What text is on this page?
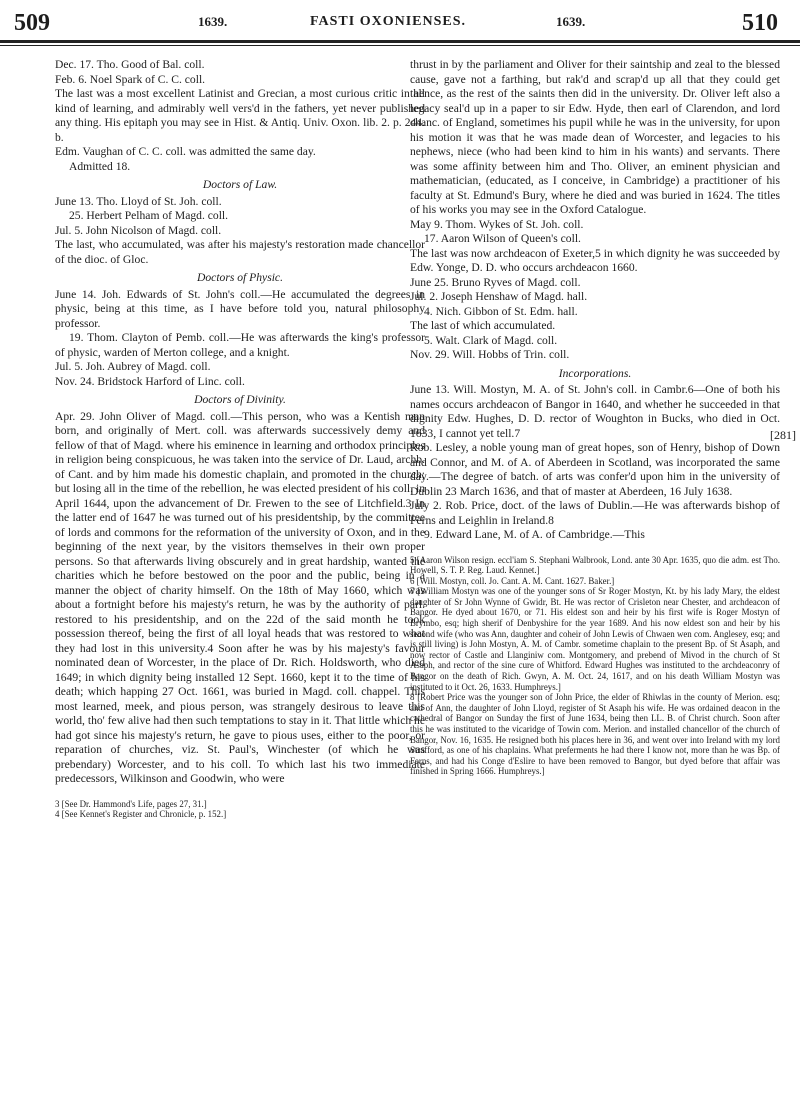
509	1639.	FASTI OXONIENSES.	1639.	510

Dec. 17. Tho. Good of Bal. coll.

Feb. 6. Noel Spark of C. C. coll.

The last was a most excellent Latinist and Grecian, a most curious critic in all kind of learning, and admirably well vers'd in the fathers, yet never published any thing. His epitaph you may see in Hist. & Antiq. Univ. Oxon. lib. 2. p. 244. b.

Edm. Vaughan of C. C. coll. was admitted the same day.

Admitted 18.

Doctors of Law.

June 13. Tho. Lloyd of St. Joh. coll.

25. Herbert Pelham of Magd. coll.

Jul. 5. John Nicolson of Magd. coll.

The last, who accumulated, was after his majesty's restoration made chancellor of the dioc. of Gloc.

Doctors of Physic.

June 14. Joh. Edwards of St. John's coll.—He accumulated the degrees in physic, being at this time, as I have before told you, natural philosophy professor.

19. Thom. Clayton of Pemb. coll.—He was afterwards the king's professor of physic, warden of Merton college, and a knight.

Jul. 5. Joh. Aubrey of Magd. coll.

Nov. 24. Bridstock Harford of Linc. coll.

Doctors of Divinity.

Apr. 29. John Oliver of Magd. coll.—This person, who was a Kentish man born, and originally of Mert. coll. was afterwards successively demy and fellow of that of Magd. where his eminence in learning and orthodox principles in religion being conspicuous, he was taken into the service of Dr. Laud, archb. of Cant. and by him made his domestic chaplain, and promoted in the church; but losing all in the time of the rebellion, he was elected president of his coll. in April 1644, upon the advancement of Dr. Frewen to the see of Litchfield.3 In the latter end of 1647 he was turned out of his presidentship, by the committee of lords and commons for the reformation of the university of Oxon, and in the beginning of the next year, by the visitors themselves in their own proper persons. So that afterwards living obscurely and in great hardship, wanted the charities which he before bestowed on the poor and the public, being in a manner the object of charity himself. On the 18th of May 1660, which was about a fortnight before his majesty's return, he was by the authority of parl. restored to his presidentship, and on the 22d of the said month he took possession thereof, being the first of all loyal heads that was restored to what they had lost in this university.4 Soon after he was by his majesty's favour nominated dean of Worcester, in the place of Dr. Rich. Holdsworth, who died 1649; in which dignity being installed 12 Sept. 1660, kept it to the time of his death; which happing 27 Oct. 1661, was buried in Magd. coll. chappel. This most learned, meek, and pious person, was strangely desirous to leave this world, tho' few alive had then such temptations to stay in it. That little which he had got since his majesty's return, he gave to pious uses, either to the poor, or reparation of churches, viz. St. Paul's, Winchester (of which he was prebendary) Worcester, and to his coll. To which last his two immediate predecessors, Wilkinson and Goodwin, who were

3 [See Dr. Hammond's Life, pages 27, 31.]

4 [See Kennet's Register and Chronicle, p. 152.]

thrust in by the parliament and Oliver for their saintship and zeal to the blessed cause, gave not a farthing, but rak'd and scrap'd up all that they could get thence, as the rest of the saints then did in the university. Dr. Oliver left also a legacy seal'd up in a paper to sir Edw. Hyde, then earl of Clarendon, and lord chanc. of England, sometimes his pupil while he was in the university, for upon his motion it was that he was made dean of Worcester, and legacies to his nephews, niece (who had been kind to him in his wants) and servants. There was some affinity between him and Tho. Oliver, an eminent physician and mathematician, (educated, as I conceive, in Cambridge) a practitioner of his faculty at St. Edmund's Bury, where he died and was buried in 1624. The titles of his works you may see in the Oxford Catalogue.

May 9. Thom. Wykes of St. Joh. coll.

17. Aaron Wilson of Queen's coll.

The last was now archdeacon of Exeter,5 in which dignity he was succeeded by Edw. Yonge, D. D. who occurs archdeacon 1660.

June 25. Bruno Ryves of Magd. coll.

Jul. 2. Joseph Henshaw of Magd. hall.

4. Nich. Gibbon of St. Edm. hall.

The last of which accumulated.

5. Walt. Clark of Magd. coll.

Nov. 29. Will. Hobbs of Trin. coll.

Incorporations.

June 13. Will. Mostyn, M. A. of St. John's coll. in Cambr.6—One of both his names occurs archdeacon of Bangor in 1640, and whether he succeeded in that dignity Edw. Hughes, D. D. rector of Woughton in Bucks, who died in Oct. 1633, I cannot yet tell.7

Rob. Lesley, a noble young man of great hopes, son of Henry, bishop of Down and Connor, and M. of A. of Aberdeen in Scotland, was incorporated the same day.—The degree of batch. of arts was confer'd upon him in the university of Dublin 23 March 1636, and that of master at Aberdeen, 16 July 1638.

July 2. Rob. Price, doct. of the laws of Dublin.—He was afterwards bishop of Ferns and Leighlin in Ireland.8

9. Edward Lane, M. of A. of Cambridge.—This

5 [Aaron Wilson resign. eccl'iam S. Stephani Walbrook, Lond. ante 30 Apr. 1635, quo die adm. est Tho. Howell, S. T. P. Reg. Laud. Kennet.]

6 [Will. Mostyn, coll. Jo. Cant. A. M. Cant. 1627. Baker.]

7 [William Mostyn was one of the younger sons of Sr Roger Mostyn, Kt. by his lady Mary, the eldest daughter of Sr John Wynne of Gwidr, Bt. He was rector of Crisleton near Chester, and archdeacon of Bangor. He dyed about 1670, or 71. His eldest son and heir by his first wife is Roger Mostyn of Brymbo, esq; high sherif of Denbyshire for the year 1689. And his now eldest son and heir by his second wife (who was Ann, daughter and coheir of John Lewis of Chwaen wen com. Anglesey, esq; and is still living) is John Mostyn, A. M. of Cambr. sometime chaplain to the present Bp. of St Asaph, and now rector of Castle and Llanginiw com. Montgomery, and prebend of Mivod in the church of St Asaph, and rector of the sine cure of Whitford. Edward Hughes was instituted to the archdeaconry of Bangor on the death of Rich. Gwyn, A. M. Oct. 24, 1617, and on his death William Mostyn was instituted to it Oct. 26, 1633. Humphreys.]

8 [Robert Price was the younger son of John Price, the elder of Rhiwlas in the county of Merion. esq; and of Ann, the daughter of John Lloyd, register of St Asaph his wife. He was ordained deacon in the cathedral of Bangor on Sunday the first of June 1634, being then LL. B. of Christ church. Soon after this he was instituted to the vicaridge of Towin com. Merion. and installed chancellor of the church of Bangor, Nov. 16, 1635. He resigned both his places here in 36, and went over into Ireland with my lord Strafford, as one of his chaplains. What preferments he had there I know not, more than he was Bp. of Ferns, and had his Conge d'Eslire to have been removed to Bangor, but dyed before that affair was finished in Spring 1666. Humphreys.]

[281]
